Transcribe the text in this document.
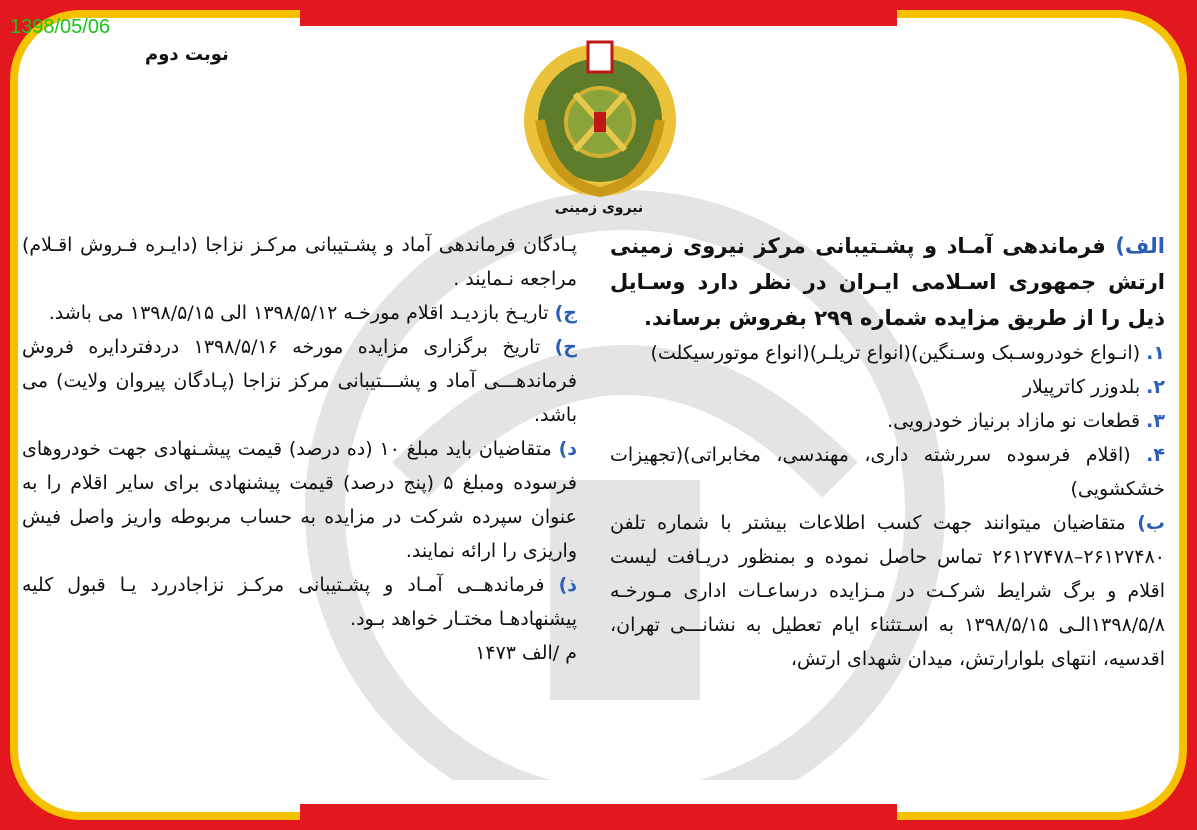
1398/05/06
نوبت دوم
نیروی زمینی

الف) فرماندهی آمـاد و پشـتیبانی مرکز نیروی زمینی ارتش جمهوری اسـلامی ایـران در نظر دارد وسـایل ذیل را از طریق مزایده شماره ۲۹۹ بفروش برساند.

۱. (انـواع خودروسـبک وسـنگین)(انواع تریلـر)(انواع موتورسیکلت)

۲. بلدوزر کاترپیلار

۳. قطعات نو مازاد برنیاز خودرویی.

۴. (اقلام فرسوده سررشته داری، مهندسی، مخابراتی)(تجهیزات خشکشویی)

ب) متقاضیان میتوانند جهت کسب اطلاعات بیشتر با شماره تلفن ۲۶۱۲۷۴۸۰–۲۶۱۲۷۴۷۸ تماس حاصل نموده و بمنظور دریـافت لیست اقلام و برگ شرایط شرکـت در مـزایده درساعـات اداری مـورخـه ۱۳۹۸/۵/۸الـی ۱۳۹۸/۵/۱۵ به اسـتثناء ایام تعطیل به نشانـــی تهران، اقدسیه، انتهای بلوارارتش، میدان شهدای ارتش،

پـادگان فرماندهی آماد و پشـتیبانی مرکـز نزاجا (دایـره فـروش اقـلام) مراجعه نـمایند .

ج) تاریـخ بازدیـد اقلام مورخـه ۱۳۹۸/۵/۱۲ الی ۱۳۹۸/۵/۱۵ می باشد.

ح) تاریخ برگزاری مزایده مورخه ۱۳۹۸/۵/۱۶ دردفتردایره فروش فرماندهـــی آماد و پشـــتیبانی مرکز نزاجا (پـادگان پیروان ولایت) می باشد.

د) متقاضیان باید مبلغ ۱۰ (ده درصد) قیمت پیشـنهادی جهت خودروهای فرسوده ومبلغ ۵ (پنج درصد) قیمت پیشنهادی برای سایر اقلام را به عنوان سپرده شرکت در مزایده به حساب مربوطه واریز واصل فیش واریزی را ارائه نمایند.

ذ) فرماندهــی آمـاد و پشـتیبانی مرکـز نزاجادررد یـا قبول کلیه پیشنهادهـا مختـار خواهد بـود.

م /الف ۱۴۷۳
